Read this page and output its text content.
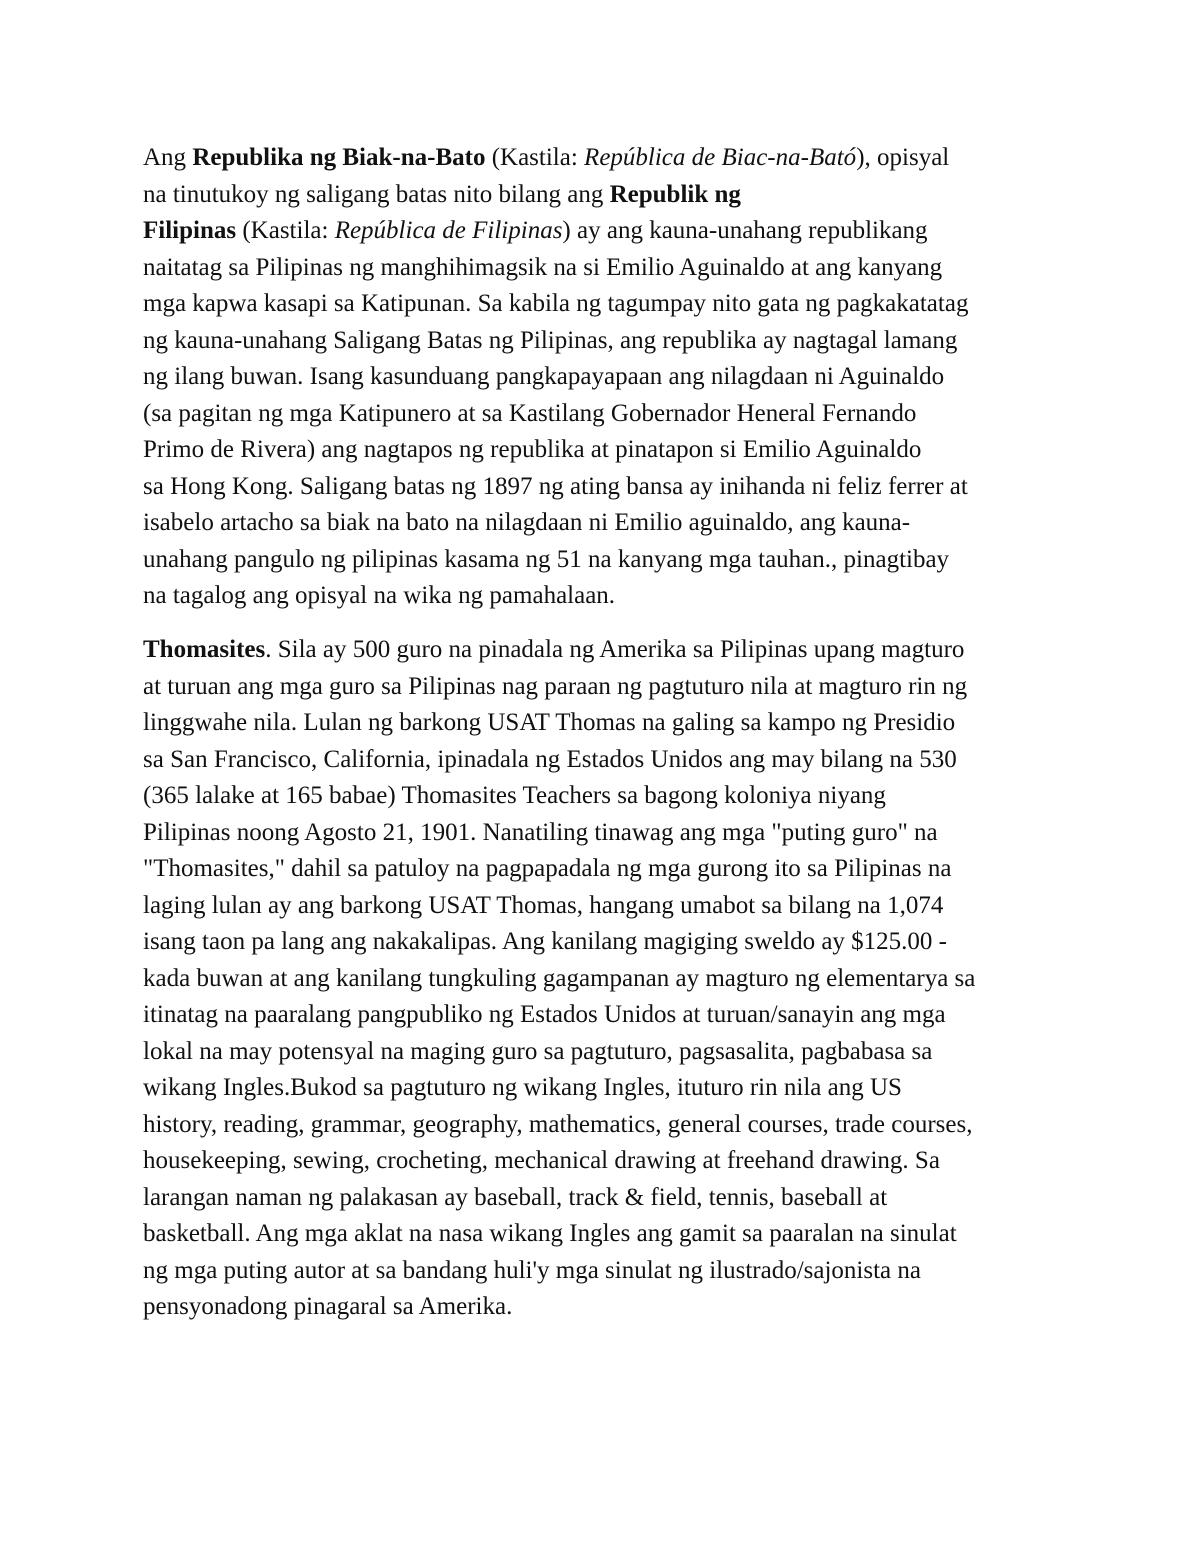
Ang Republika ng Biak-na-Bato (Kastila: República de Biac-na-Bató), opisyal
na tinutukoy ng saligang batas nito bilang ang Republik ng
Filipinas (Kastila: República de Filipinas) ay ang kauna-unahang republikang
naitatag sa Pilipinas ng manghihimagsik na si Emilio Aguinaldo at ang kanyang
mga kapwa kasapi sa Katipunan. Sa kabila ng tagumpay nito gata ng pagkakatatag
ng kauna-unahang Saligang Batas ng Pilipinas, ang republika ay nagtagal lamang
ng ilang buwan. Isang kasunduang pangkapayapaan ang nilagdaan ni Aguinaldo
(sa pagitan ng mga Katipunero at sa Kastilang Gobernador Heneral Fernando
Primo de Rivera) ang nagtapos ng republika at pinatapon si Emilio Aguinaldo
sa Hong Kong. Saligang batas ng 1897 ng ating bansa ay inihanda ni feliz ferrer at
isabelo artacho sa biak na bato na nilagdaan ni Emilio aguinaldo, ang kauna-
unahang pangulo ng pilipinas kasama ng 51 na kanyang mga tauhan., pinagtibay
na tagalog ang opisyal na wika ng pamahalaan.
Thomasites. Sila ay 500 guro na pinadala ng Amerika sa Pilipinas upang magturo
at turuan ang mga guro sa Pilipinas nag paraan ng pagtuturo nila at magturo rin ng
linggwahe nila. Lulan ng barkong USAT Thomas na galing sa kampo ng Presidio
sa San Francisco, California, ipinadala ng Estados Unidos ang may bilang na 530
(365 lalake at 165 babae) Thomasites Teachers sa bagong koloniya niyang
Pilipinas noong Agosto 21, 1901. Nanatiling tinawag ang mga "puting guro" na
"Thomasites," dahil sa patuloy na pagpapadala ng mga gurong ito sa Pilipinas na
laging lulan ay ang barkong USAT Thomas, hangang umabot sa bilang na 1,074
isang taon pa lang ang nakakalipas. Ang kanilang magiging sweldo ay $125.00 -
kada buwan at ang kanilang tungkuling gagampanan ay magturo ng elementarya sa
itinatag na paaralang pangpubliko ng Estados Unidos at turuan/sanayin ang mga
lokal na may potensyal na maging guro sa pagtuturo, pagsasalita, pagbabasa sa
wikang Ingles.Bukod sa pagtuturo ng wikang Ingles, ituturo rin nila ang US
history, reading, grammar, geography, mathematics, general courses, trade courses,
housekeeping, sewing, crocheting, mechanical drawing at freehand drawing. Sa
larangan naman ng palakasan ay baseball, track & field, tennis, baseball at
basketball. Ang mga aklat na nasa wikang Ingles ang gamit sa paaralan na sinulat
ng mga puting autor at sa bandang huli'y mga sinulat ng ilustrado/sajonista na
pensyonadong pinagaral sa Amerika.
